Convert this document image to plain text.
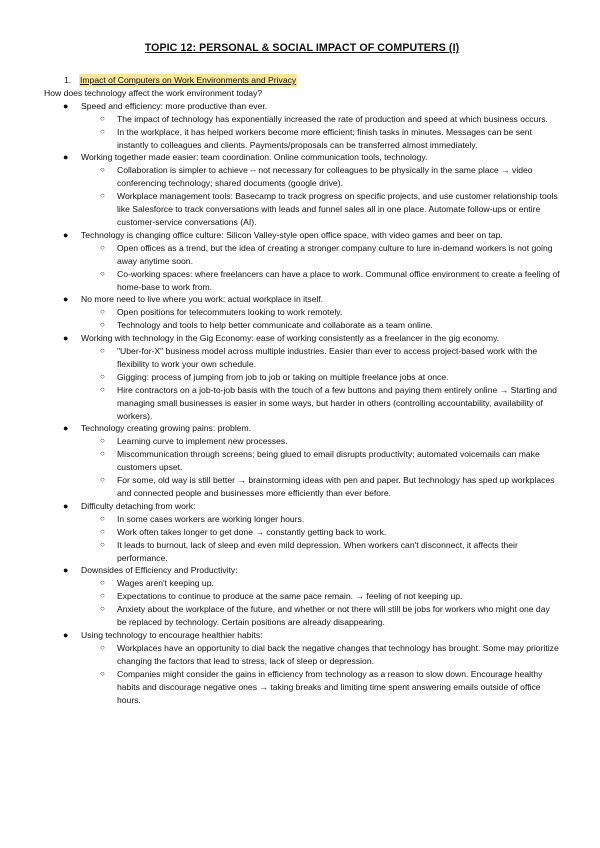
TOPIC 12: PERSONAL & SOCIAL IMPACT OF COMPUTERS (I)
1.	Impact of Computers on Work Environments and Privacy
How does technology affect the work environment today?
● Speed and efficiency: more productive than ever.
○ The impact of technology has exponentially increased the rate of production and speed at which business occurs.
○ In the workplace, it has helped workers become more efficient; finish tasks in minutes. Messages can be sent instantly to colleagues and clients. Payments/proposals can be transferred almost immediately.
● Working together made easier: team coordination. Online communication tools, technology.
○ Collaboration is simpler to achieve -- not necessary for colleagues to be physically in the same place → video conferencing technology; shared documents (google drive).
○ Workplace management tools: Basecamp to track progress on specific projects, and use customer relationship tools like Salesforce to track conversations with leads and funnel sales all in one place. Automate follow-ups or entire customer-service conversations (AI).
● Technology is changing office culture: Silicon Valley-style open office space, with video games and beer on tap.
○ Open offices as a trend, but the idea of creating a stronger company culture to lure in-demand workers is not going away anytime soon.
○ Co-working spaces: where freelancers can have a place to work. Communal office environment to create a feeling of home-base to work from.
● No more need to live where you work: actual workplace in itself.
○ Open positions for telecommuters looking to work remotely.
○ Technology and tools to help better communicate and collaborate as a team online.
● Working with technology in the Gig Economy: ease of working consistently as a freelancer in the gig economy.
○ "Uber-for-X" business model across multiple industries. Easier than ever to access project-based work with the flexibility to work your own schedule.
○ Gigging: process of jumping from job to job or taking on multiple freelance jobs at once.
○ Hire contractors on a job-to-job basis with the touch of a few buttons and paying them entirely online → Starting and managing small businesses is easier in some ways, but harder in others (controlling accountability, availability of workers).
● Technology creating growing pains: problem.
○ Learning curve to implement new processes.
○ Miscommunication through screens; being glued to email disrupts productivity; automated voicemails can make customers upset.
○ For some, old way is still better → brainstorming ideas with pen and paper. But technology has sped up workplaces and connected people and businesses more efficiently than ever before.
● Difficulty detaching from work:
○ In some cases workers are working longer hours.
○ Work often takes longer to get done → constantly getting back to work.
○ It leads to burnout, lack of sleep and even mild depression. When workers can't disconnect, it affects their performance.
● Downsides of Efficiency and Productivity:
○ Wages aren't keeping up.
○ Expectations to continue to produce at the same pace remain. → feeling of not keeping up.
○ Anxiety about the workplace of the future, and whether or not there will still be jobs for workers who might one day be replaced by technology. Certain positions are already disappearing.
● Using technology to encourage healthier habits:
○ Workplaces have an opportunity to dial back the negative changes that technology has brought. Some may prioritize changing the factors that lead to stress, lack of sleep or depression.
○ Companies might consider the gains in efficiency from technology as a reason to slow down. Encourage healthy habits and discourage negative ones → taking breaks and limiting time spent answering emails outside of office hours.
